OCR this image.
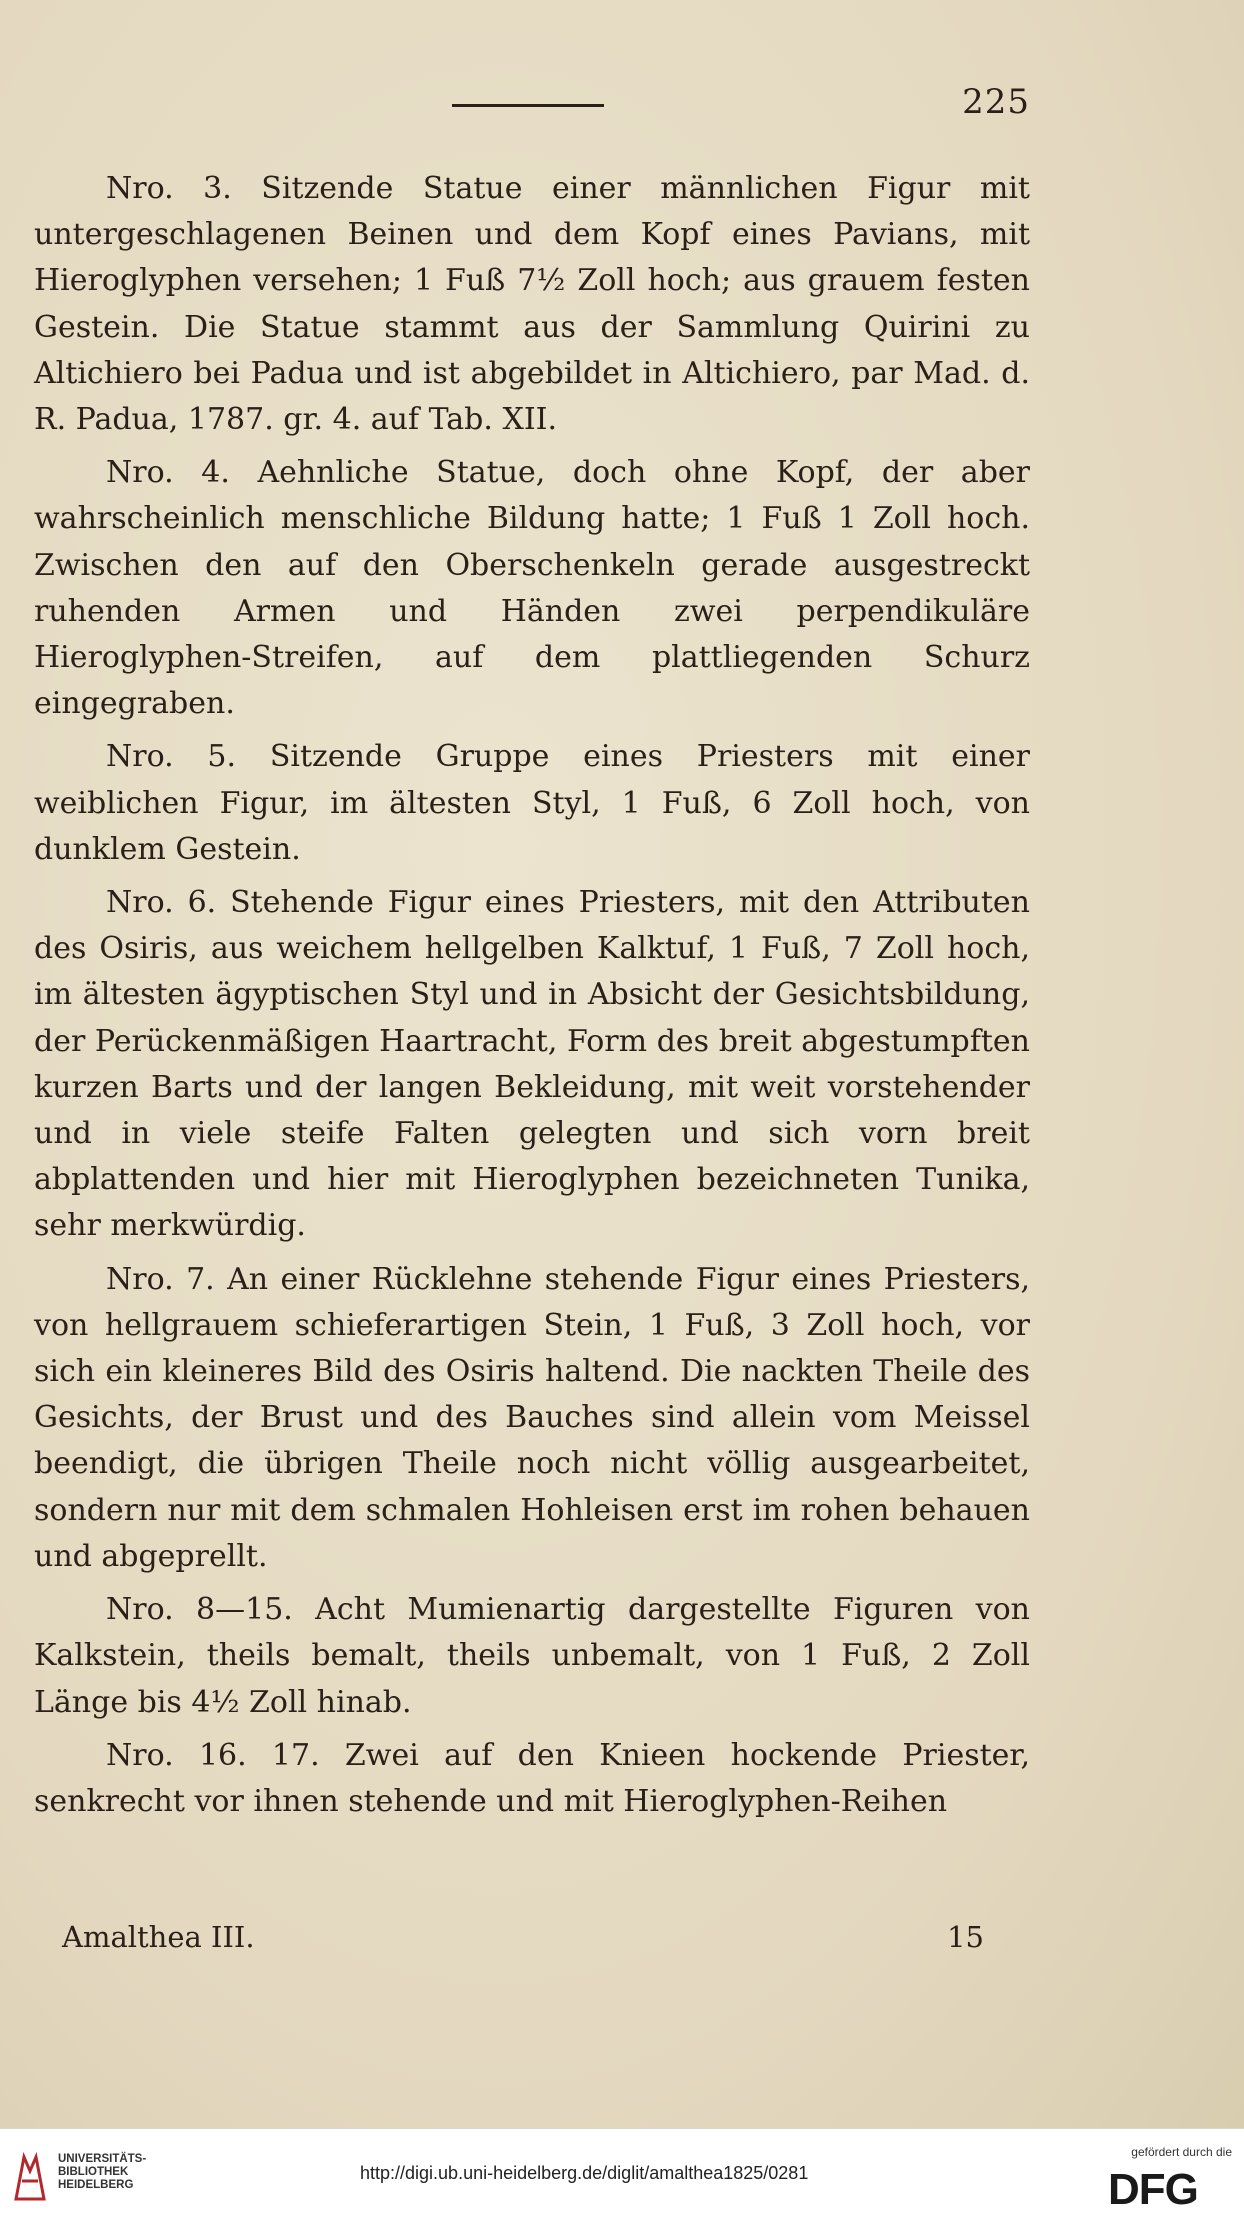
225

Nro. 3. Sitzende Statue einer männlichen Figur mit untergeschlagenen Beinen und dem Kopf eines Pavians, mit Hieroglyphen versehen; 1 Fuß 7½ Zoll hoch; aus grauem festen Gestein. Die Statue stammt aus der Sammlung Quirini zu Altichiero bei Padua und ist abgebildet in Altichiero, par Mad. d. R. Padua, 1787. gr. 4. auf Tab. XII.

Nro. 4. Aehnliche Statue, doch ohne Kopf, der aber wahrscheinlich menschliche Bildung hatte; 1 Fuß 1 Zoll hoch. Zwischen den auf den Oberschenkeln gerade ausgestreckt ruhenden Armen und Händen zwei perpendikuläre Hieroglyphen-Streifen, auf dem plattliegenden Schurz eingegraben.

Nro. 5. Sitzende Gruppe eines Priesters mit einer weiblichen Figur, im ältesten Styl, 1 Fuß, 6 Zoll hoch, von dunklem Gestein.

Nro. 6. Stehende Figur eines Priesters, mit den Attributen des Osiris, aus weichem hellgelben Kalktuf, 1 Fuß, 7 Zoll hoch, im ältesten ägyptischen Styl und in Absicht der Gesichtsbildung, der Perückenmäßigen Haartracht, Form des breit abgestumpften kurzen Barts und der langen Bekleidung, mit weit vorstehender und in viele steife Falten gelegten und sich vorn breit abplattenden und hier mit Hieroglyphen bezeichneten Tunika, sehr merkwürdig.

Nro. 7. An einer Rücklehne stehende Figur eines Priesters, von hellgrauem schieferartigen Stein, 1 Fuß, 3 Zoll hoch, vor sich ein kleineres Bild des Osiris haltend. Die nackten Theile des Gesichts, der Brust und des Bauches sind allein vom Meissel beendigt, die übrigen Theile noch nicht völlig ausgearbeitet, sondern nur mit dem schmalen Hohleisen erst im rohen behauen und abgeprellt.

Nro. 8—15. Acht Mumienartig dargestellte Figuren von Kalkstein, theils bemalt, theils unbemalt, von 1 Fuß, 2 Zoll Länge bis 4½ Zoll hinab.

Nro. 16. 17. Zwei auf den Knieen hockende Priester, senkrecht vor ihnen stehende und mit Hieroglyphen-Reihen

Amalthea III.	15
UNIVERSITÄTS-
BIBLIOTHEK
HEIDELBERG
http://digi.ub.uni-heidelberg.de/diglit/amalthea1825/0281
gefördert durch die
DFG
